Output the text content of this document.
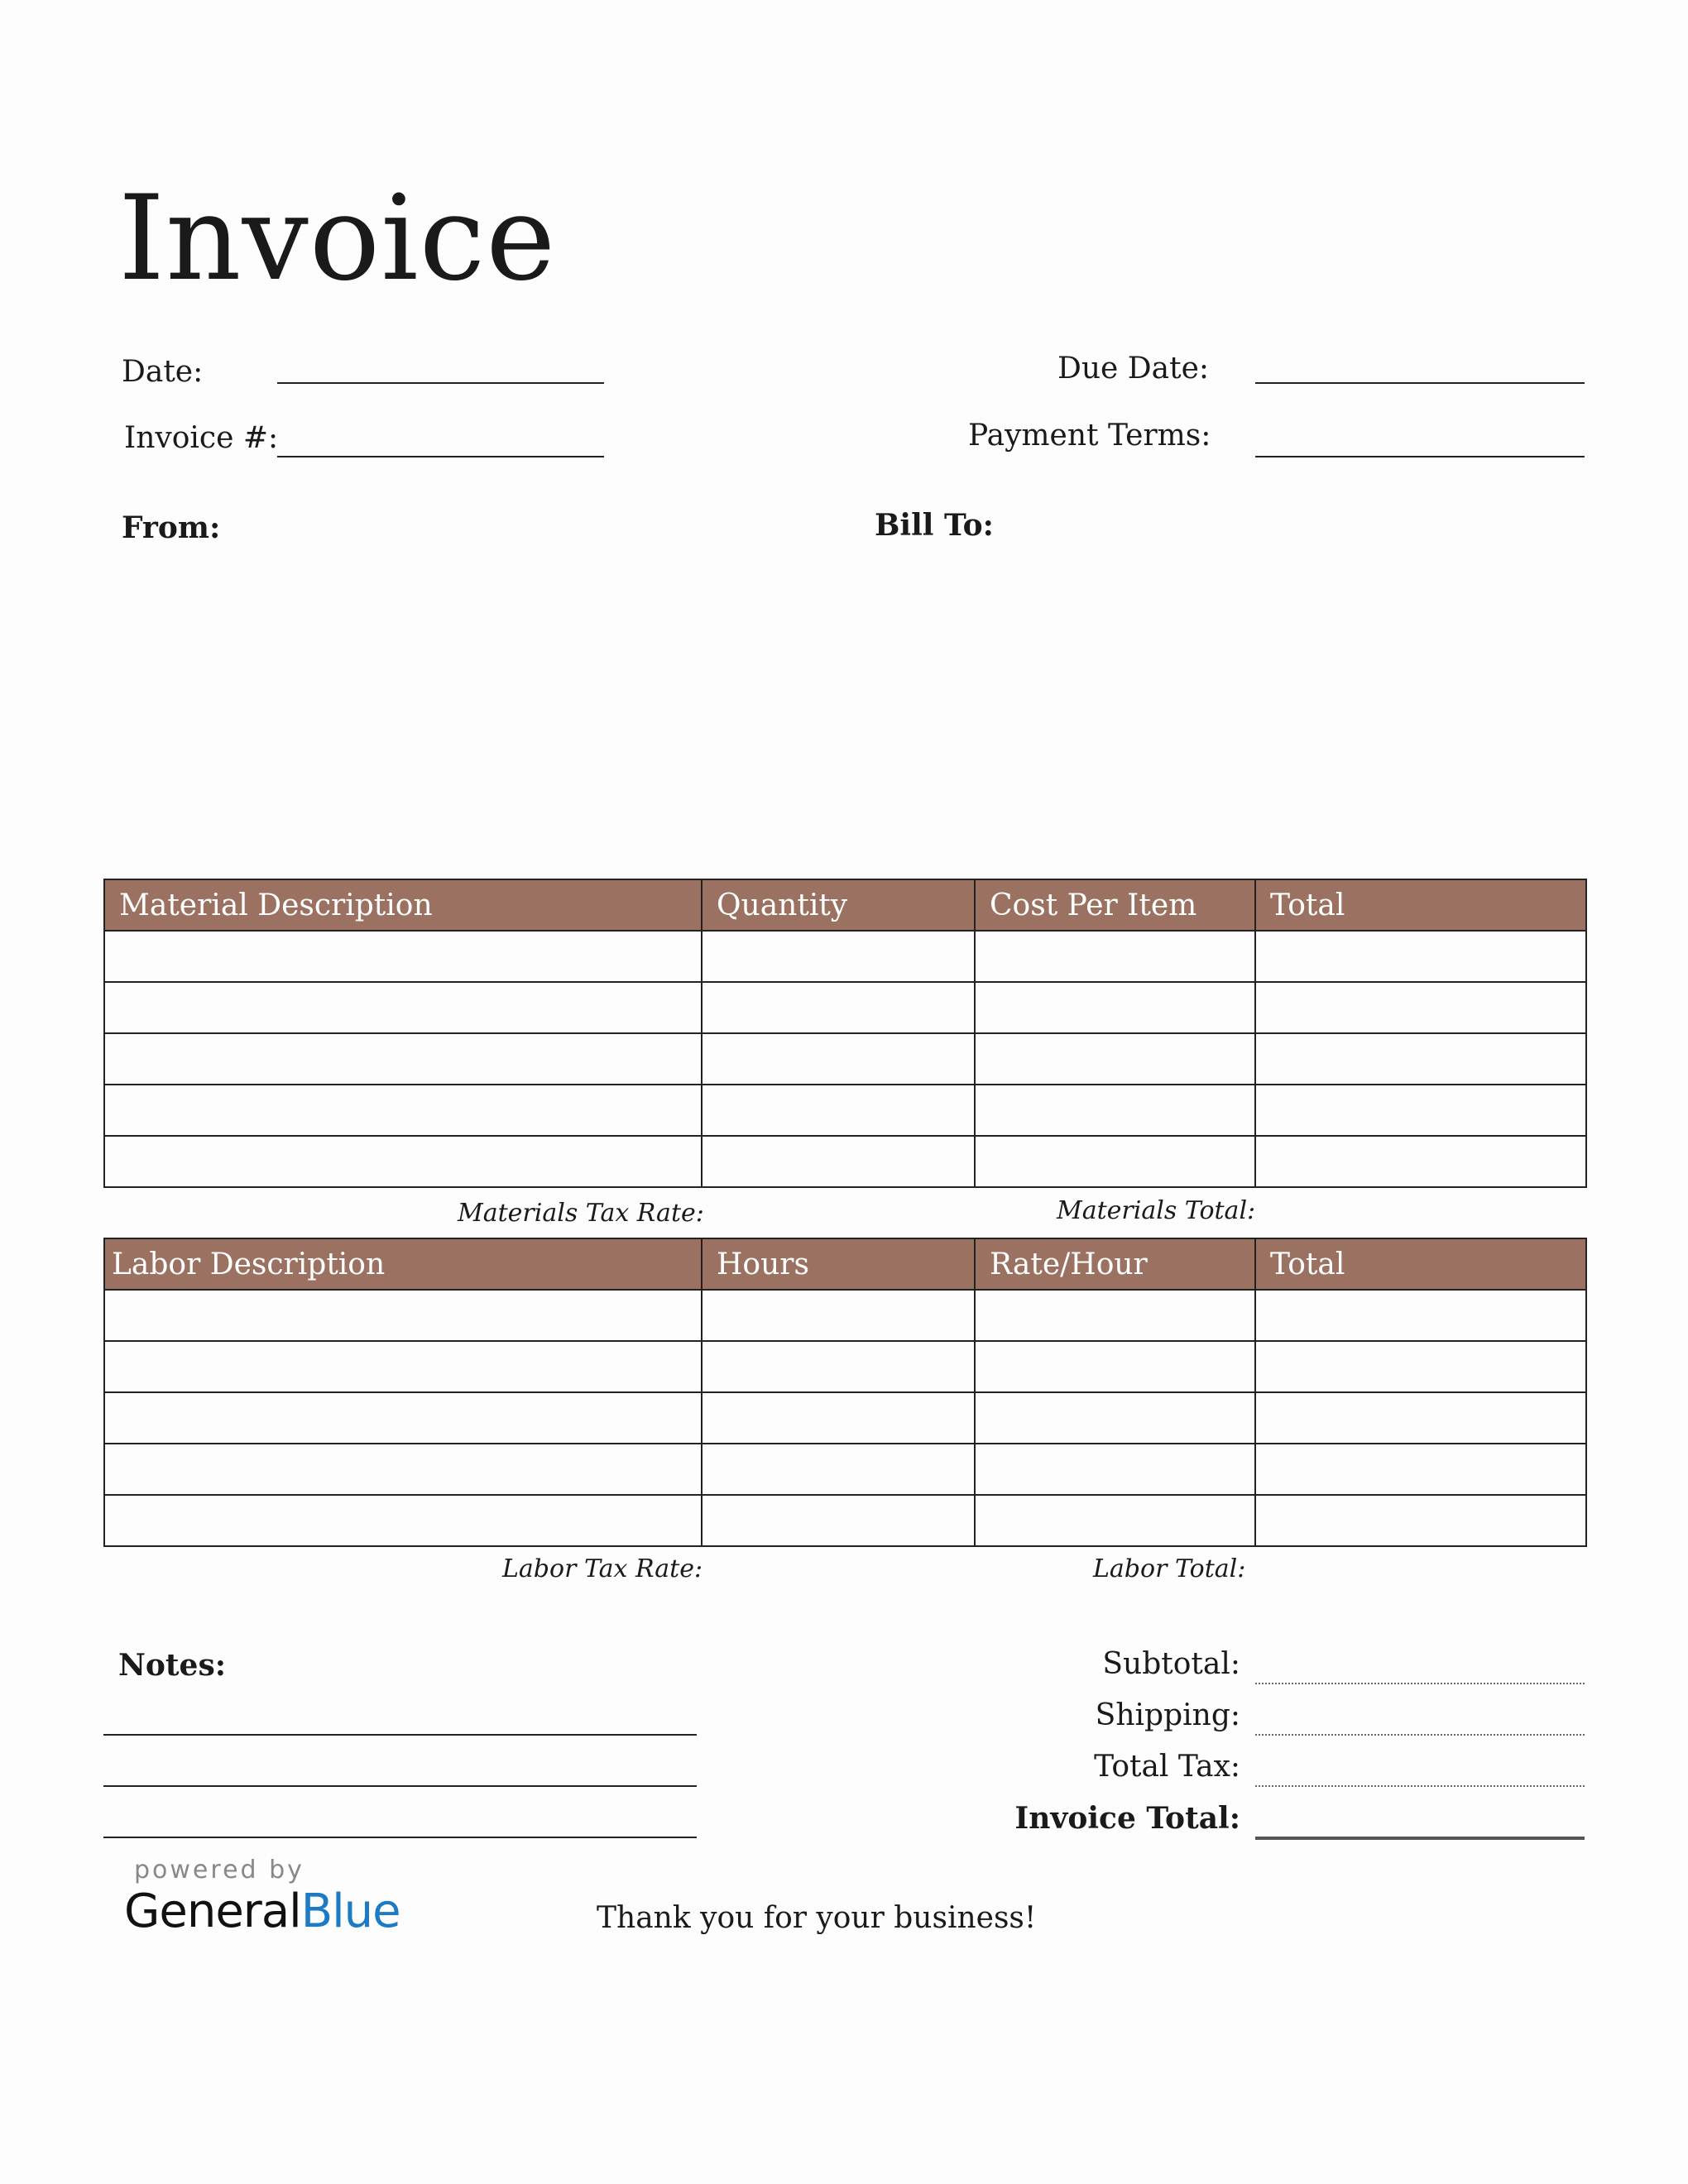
Invoice
Date:
Invoice #:
Due Date:
Payment Terms:
From:	Bill To:
Material Description	Quantity	Cost Per Item	Total

Materials Tax Rate:	Materials Total:
Labor Description	Hours	Rate/Hour	Total

Labor Tax Rate:	Labor Total:
Notes:	Subtotal:
Shipping:
Total Tax:
Invoice Total:
powered by
GeneralBlue	Thank you for your business!
